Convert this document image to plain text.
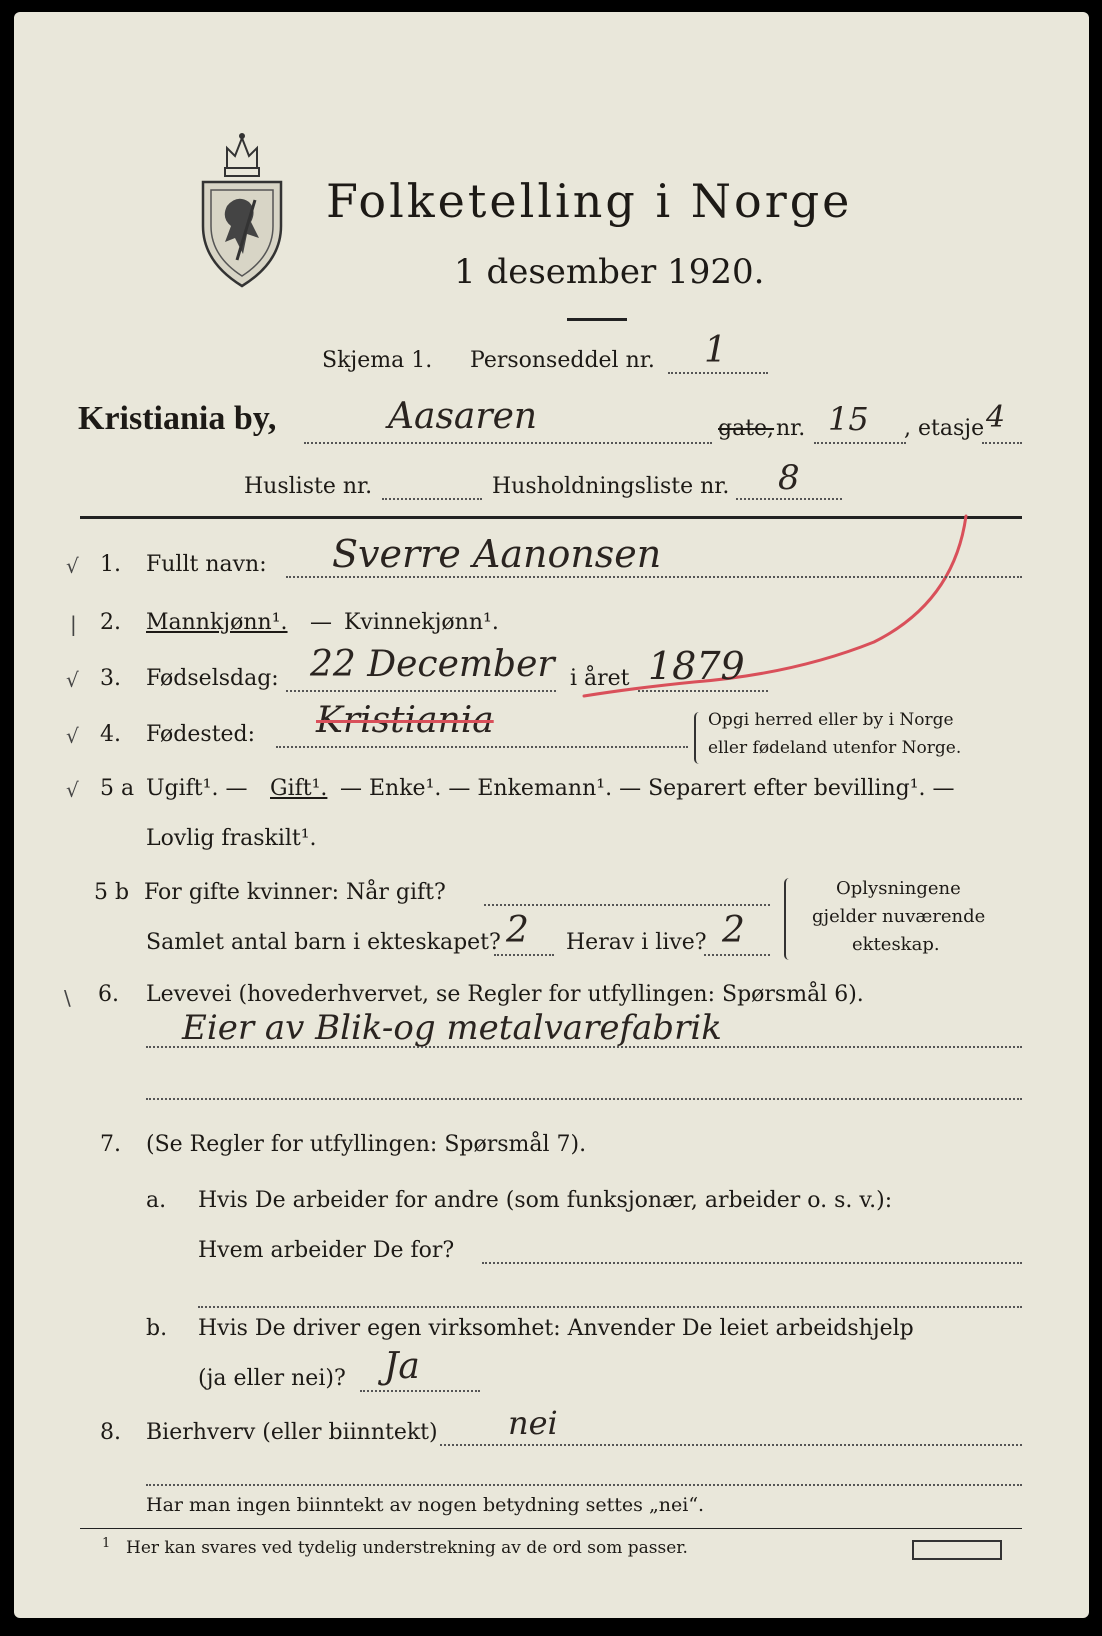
Folketelling i Norge
1 desember 1920.
Skjema 1. Personseddel nr. 1
Kristiania by,	Aasaren	gate, nr. 15 , etasje 4
Husliste nr.	Husholdningsliste nr. 8
√ 1. Fullt navn: Sverre Aanonsen
| 2. Mannkjønn¹. — Kvinnekjønn¹.
√ 3. Fødselsdag: 22 December i året 1879
√ 4. Fødested: Kristiania	Opgi herred eller by i Norge
eller fødeland utenfor Norge.
√ 5 a Ugift¹. — Gift¹. — Enke¹. — Enkemann¹. — Separert efter bevilling¹. —
Lovlig fraskilt¹.
5 b For gifte kvinner: Når gift?
Samlet antal barn i ekteskapet? 2 Herav i live? 2
Oplysningene
gjelder nuværende
ekteskap.
\ 6. Levevei (hovederhvervet, se Regler for utfyllingen: Spørsmål 6).
Eier av Blik-og metalvarefabrik
7. (Se Regler for utfyllingen: Spørsmål 7).
a. Hvis De arbeider for andre (som funksjonær, arbeider o. s. v.):
Hvem arbeider De for?
b. Hvis De driver egen virksomhet: Anvender De leiet arbeidshjelp
(ja eller nei)? Ja
8. Bierhverv (eller biinntekt) nei
Har man ingen biinntekt av nogen betydning settes „nei“.
1 Her kan svares ved tydelig understrekning av de ord som passer.
